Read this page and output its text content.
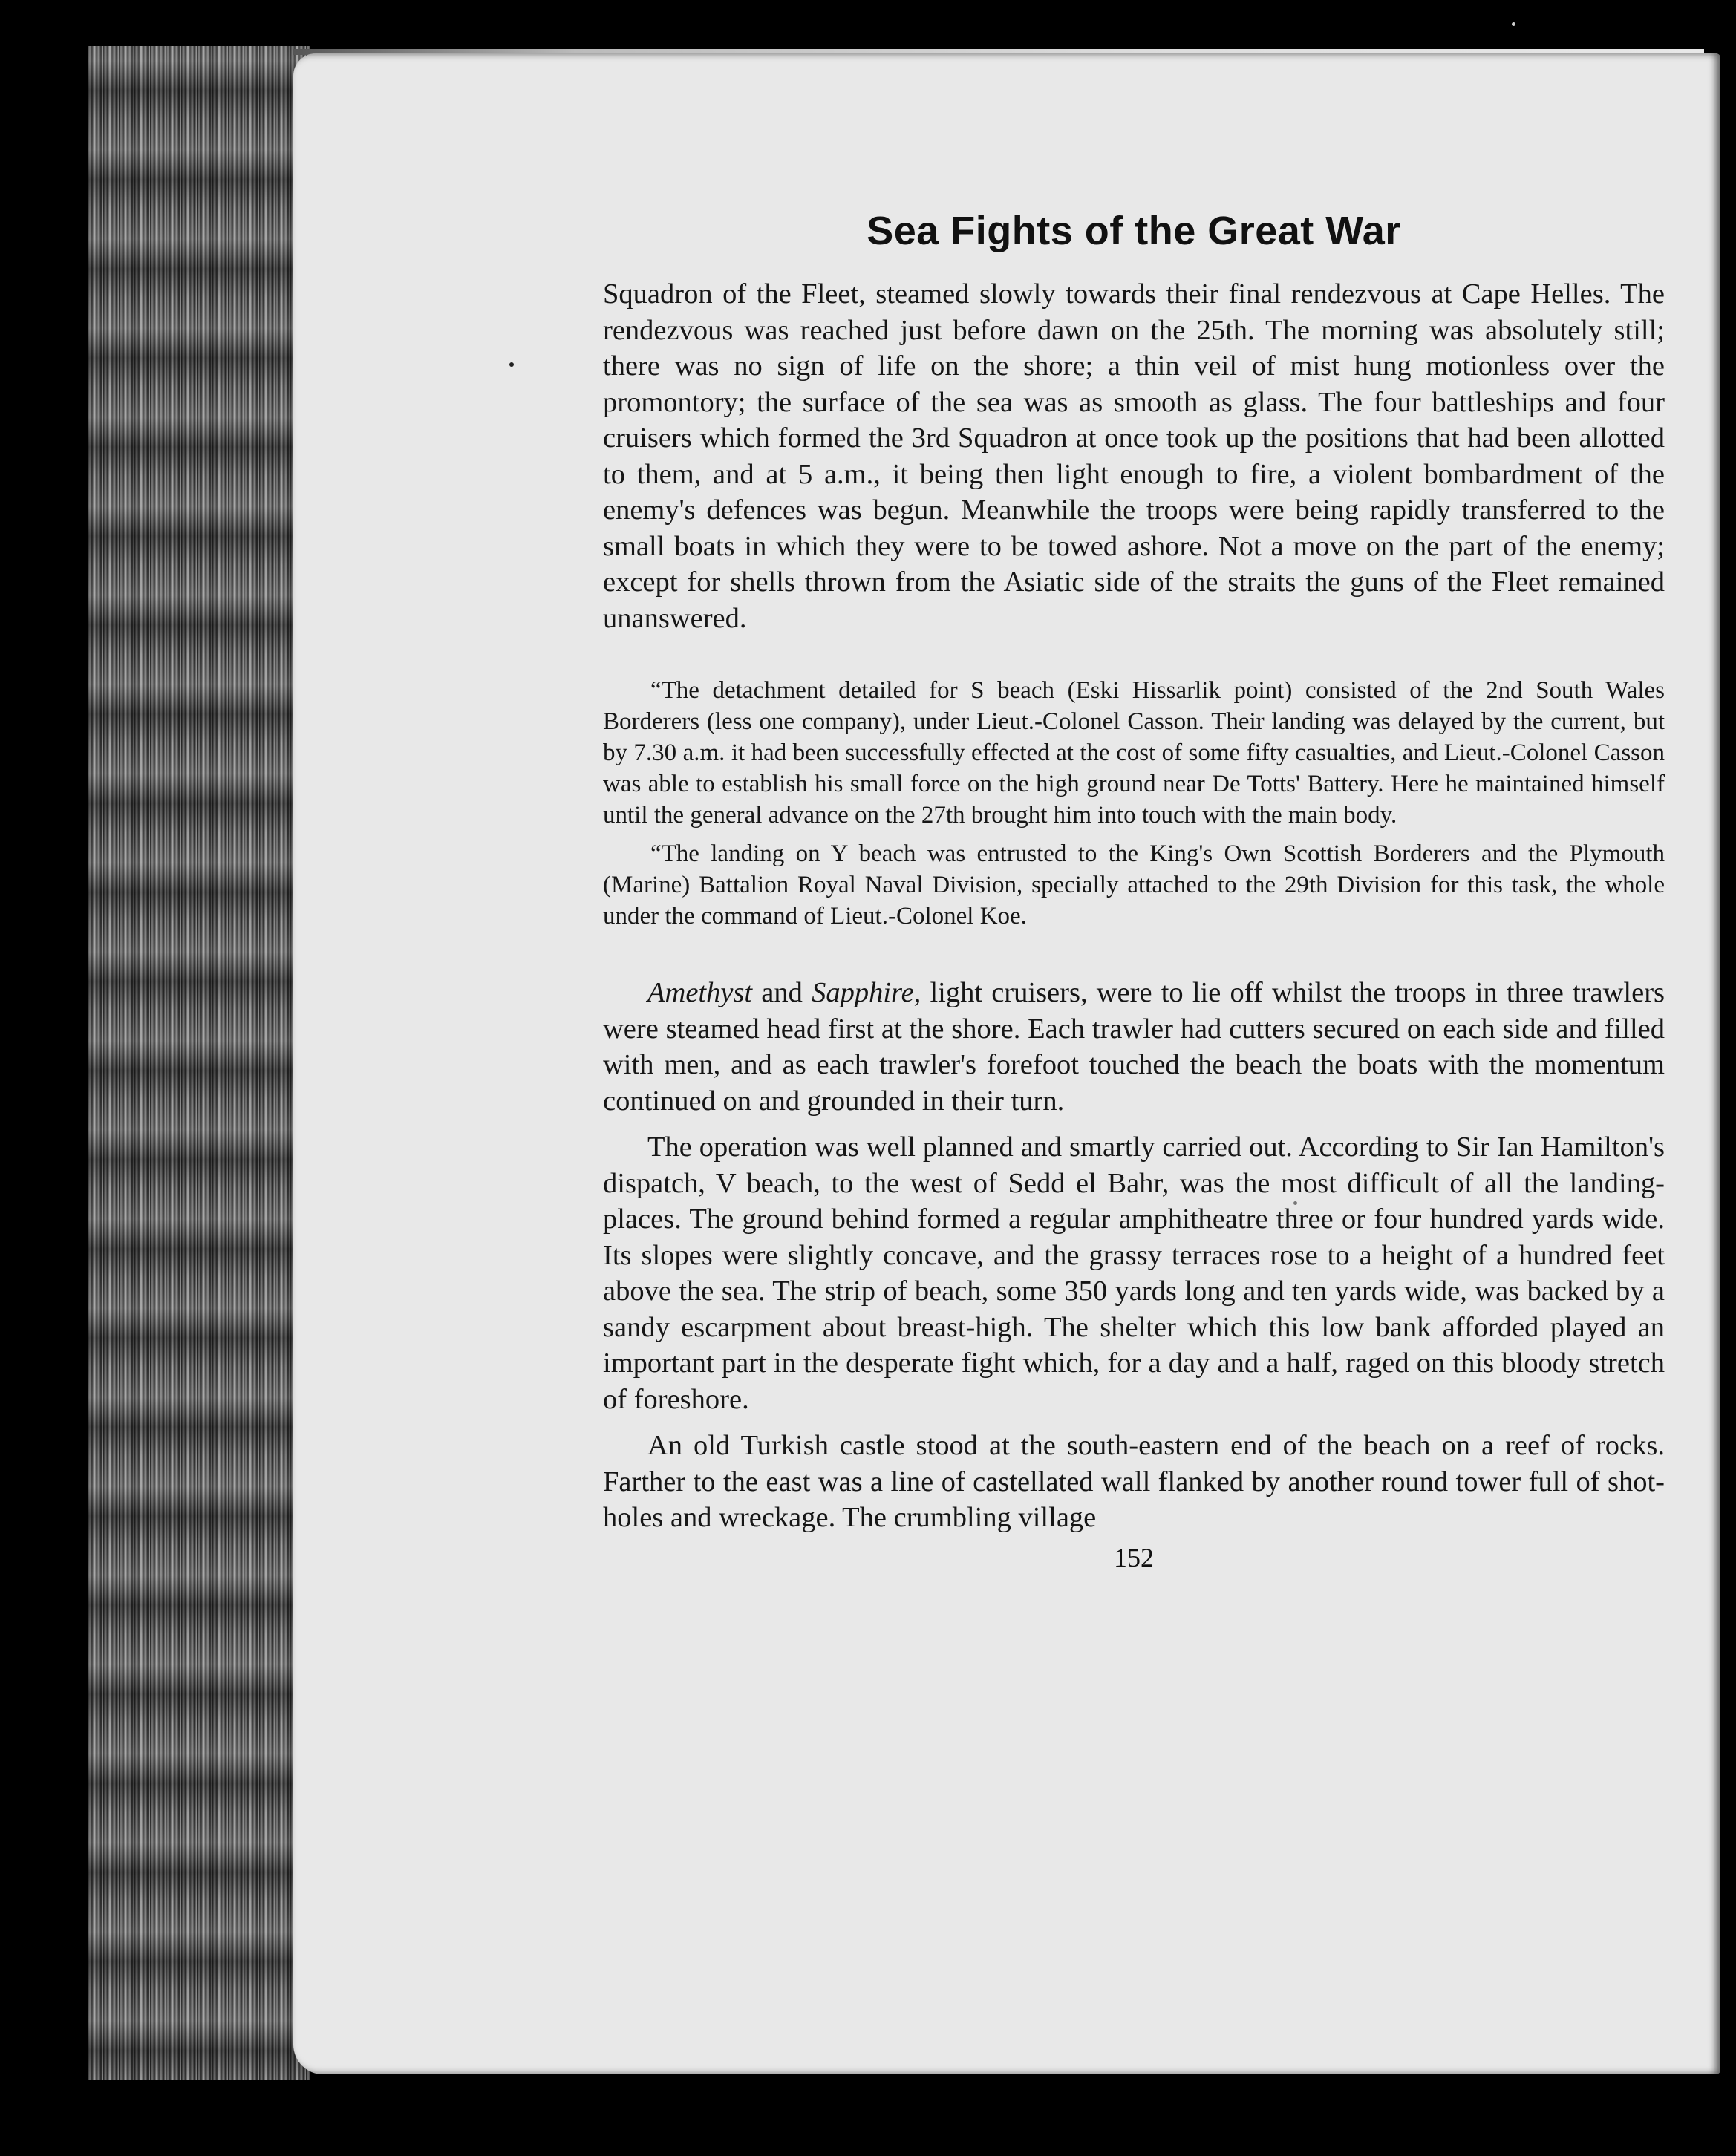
Sea Fights of the Great War

Squadron of the Fleet, steamed slowly towards their final rendezvous at Cape Helles. The rendezvous was reached just before dawn on the 25th. The morning was absolutely still; there was no sign of life on the shore; a thin veil of mist hung motionless over the promontory; the surface of the sea was as smooth as glass. The four battleships and four cruisers which formed the 3rd Squadron at once took up the positions that had been allotted to them, and at 5 a.m., it being then light enough to fire, a violent bombardment of the enemy's defences was begun. Meanwhile the troops were being rapidly transferred to the small boats in which they were to be towed ashore. Not a move on the part of the enemy; except for shells thrown from the Asiatic side of the straits the guns of the Fleet remained unanswered.

“The detachment detailed for S beach (Eski Hissarlik point) consisted of the 2nd South Wales Borderers (less one company), under Lieut.-Colonel Casson. Their landing was delayed by the current, but by 7.30 a.m. it had been successfully effected at the cost of some fifty casualties, and Lieut.-Colonel Casson was able to establish his small force on the high ground near De Totts' Battery. Here he maintained himself until the general advance on the 27th brought him into touch with the main body.

“The landing on Y beach was entrusted to the King's Own Scottish Borderers and the Plymouth (Marine) Battalion Royal Naval Division, specially attached to the 29th Division for this task, the whole under the command of Lieut.-Colonel Koe.

Amethyst and Sapphire, light cruisers, were to lie off whilst the troops in three trawlers were steamed head first at the shore. Each trawler had cutters secured on each side and filled with men, and as each trawler's forefoot touched the beach the boats with the momentum continued on and grounded in their turn.

The operation was well planned and smartly carried out. According to Sir Ian Hamilton's dispatch, V beach, to the west of Sedd el Bahr, was the most difficult of all the landing-places. The ground behind formed a regular amphitheatre three or four hundred yards wide. Its slopes were slightly concave, and the grassy terraces rose to a height of a hundred feet above the sea. The strip of beach, some 350 yards long and ten yards wide, was backed by a sandy escarpment about breast-high. The shelter which this low bank afforded played an important part in the desperate fight which, for a day and a half, raged on this bloody stretch of foreshore.

An old Turkish castle stood at the south-eastern end of the beach on a reef of rocks. Farther to the east was a line of castellated wall flanked by another round tower full of shot-holes and wreckage. The crumbling village

152
